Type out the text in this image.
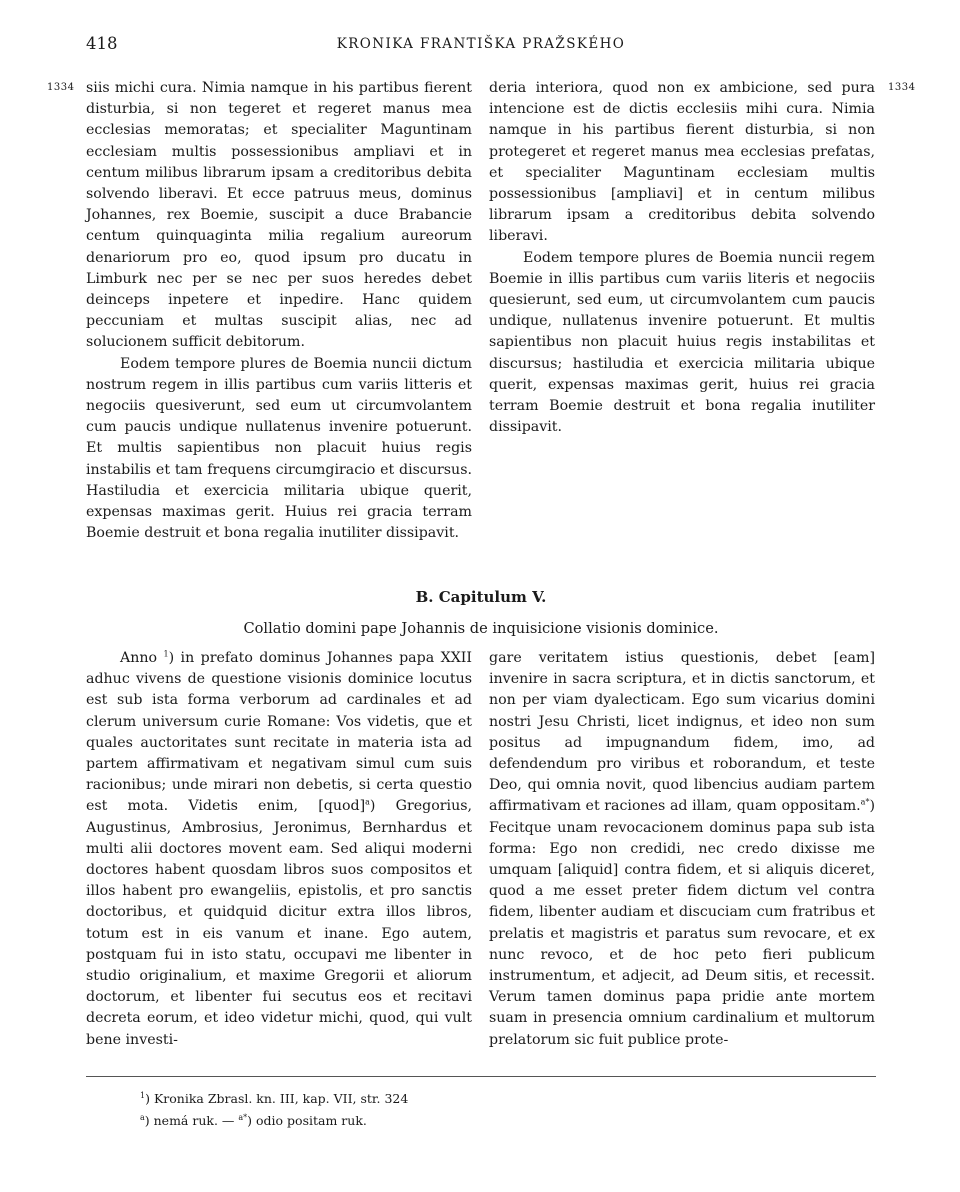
418	KRONIKA FRANTIŠKA PRAŽSKÉHO
1334	1334

siis michi cura. Nimia namque in his partibus fierent disturbia, si non tegeret et regeret manus mea ecclesias memoratas; et specialiter Maguntinam ecclesiam multis possessionibus ampliavi et in centum milibus librarum ipsam a creditoribus debita solvendo liberavi. Et ecce patruus meus, dominus Johannes, rex Boemie, suscipit a duce Brabancie centum quinquaginta milia regalium aureorum denariorum pro eo, quod ipsum pro ducatu in Limburk nec per se nec per suos heredes debet deinceps inpetere et inpedire. Hanc quidem peccuniam et multas suscipit alias, nec ad solucionem sufficit debitorum.

Eodem tempore plures de Boemia nuncii dictum nostrum regem in illis partibus cum variis litteris et negociis quesiverunt, sed eum ut circumvolantem cum paucis undique nullatenus invenire potuerunt. Et multis sapientibus non placuit huius regis instabilis et tam frequens circumgiracio et discursus. Hastiludia et exercicia militaria ubique querit, expensas maximas gerit. Huius rei gracia terram Boemie destruit et bona regalia inutiliter dissipavit.

deria interiora, quod non ex ambicione, sed pura intencione est de dictis ecclesiis mihi cura. Nimia namque in his partibus fierent disturbia, si non protegeret et regeret manus mea ecclesias prefatas, et specialiter Maguntinam ecclesiam multis possessionibus [ampliavi] et in centum milibus librarum ipsam a creditoribus debita solvendo liberavi.

Eodem tempore plures de Boemia nuncii regem Boemie in illis partibus cum variis literis et negociis quesierunt, sed eum, ut circumvolantem cum paucis undique, nullatenus invenire potuerunt. Et multis sapientibus non placuit huius regis instabilitas et discursus; hastiludia et exercicia militaria ubique querit, expensas maximas gerit, huius rei gracia terram Boemie destruit et bona regalia inutiliter dissipavit.

B. Capitulum V.
Collatio domini pape Johannis de inquisicione visionis dominice.

Anno $^1$) in prefato dominus Johannes papa XXII adhuc vivens de questione visionis dominice locutus est sub ista forma verborum ad cardinales et ad clerum universum curie Romane: Vos videtis, que et quales auctoritates sunt recitate in materia ista ad partem affirmativam et negativam simul cum suis racionibus; unde mirari non debetis, si certa questio est mota. Videtis enim, [quod]$^a$) Gregorius, Augustinus, Ambrosius, Jeronimus, Bernhardus et multi alii doctores movent eam. Sed aliqui moderni doctores habent quosdam libros suos compositos et illos habent pro ewangeliis, epistolis, et pro sanctis doctoribus, et quidquid dicitur extra illos libros, totum est in eis vanum et inane. Ego autem, postquam fui in isto statu, occupavi me libenter in studio originalium, et maxime Gregorii et aliorum doctorum, et libenter fui secutus eos et recitavi decreta eorum, et ideo videtur michi, quod, qui vult bene investi-

gare veritatem istius questionis, debet [eam] invenire in sacra scriptura, et in dictis sanctorum, et non per viam dyalecticam. Ego sum vicarius domini nostri Jesu Christi, licet indignus, et ideo non sum positus ad impugnandum fidem, imo, ad defendendum pro viribus et roborandum, et teste Deo, qui omnia novit, quod libencius audiam partem affirmativam et raciones ad illam, quam oppositam.$^{a*}$) Fecitque unam revocacionem dominus papa sub ista forma: Ego non credidi, nec credo dixisse me umquam [aliquid] contra fidem, et si aliquis diceret, quod a me esset preter fidem dictum vel contra fidem, libenter audiam et discuciam cum fratribus et prelatis et magistris et paratus sum revocare, et ex nunc revoco, et de hoc peto fieri publicum instrumentum, et adjecit, ad Deum sitis, et recessit. Verum tamen dominus papa pridie ante mortem suam in presencia omnium cardinalium et multorum prelatorum sic fuit publice prote-

$^1$) Kronika Zbrasl. kn. III, kap. VII, str. 324
$^a$) nemá ruk. — $^{a*}$) odio positam ruk.
